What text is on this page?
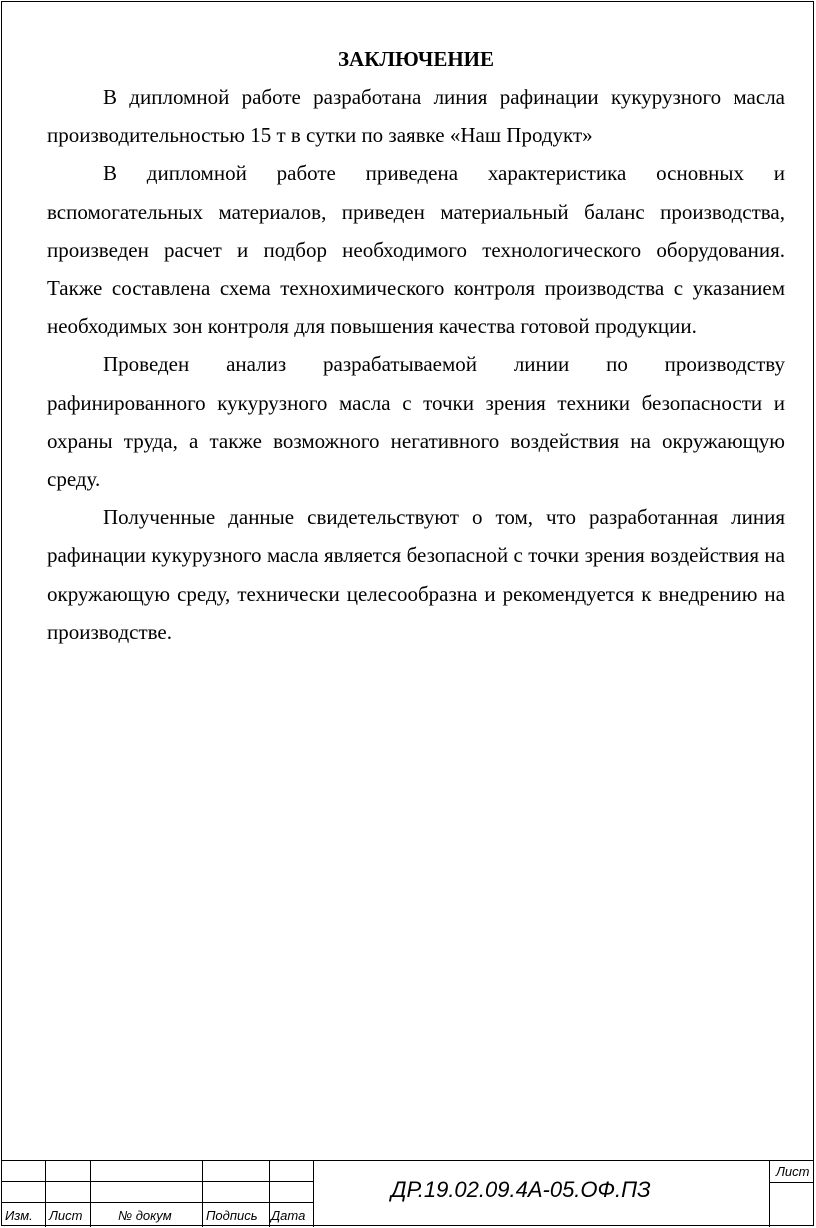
ЗАКЛЮЧЕНИЕ

В дипломной работе разработана линия рафинации кукурузного масла производительностью 15 т в сутки по заявке «Наш Продукт»

В дипломной работе приведена характеристика основных и вспомогательных материалов, приведен материальный баланс производства, произведен расчет и подбор необходимого технологического оборудования. Также составлена схема технохимического контроля производства с указанием необходимых зон контроля для повышения качества готовой продукции.

Проведен анализ разрабатываемой линии по производству рафинированного кукурузного масла с точки зрения техники безопасности и охраны труда, а также возможного негативного воздействия на окружающую среду.

Полученные данные свидетельствуют о том, что разработанная линия рафинации кукурузного масла является безопасной с точки зрения воздействия на окружающую среду, технически целесообразна и рекомендуется к внедрению на производстве.

Изм. Лист	№ докум	Подпись Дата
ДР.19.02.09.4А-05.ОФ.ПЗ
Лист
